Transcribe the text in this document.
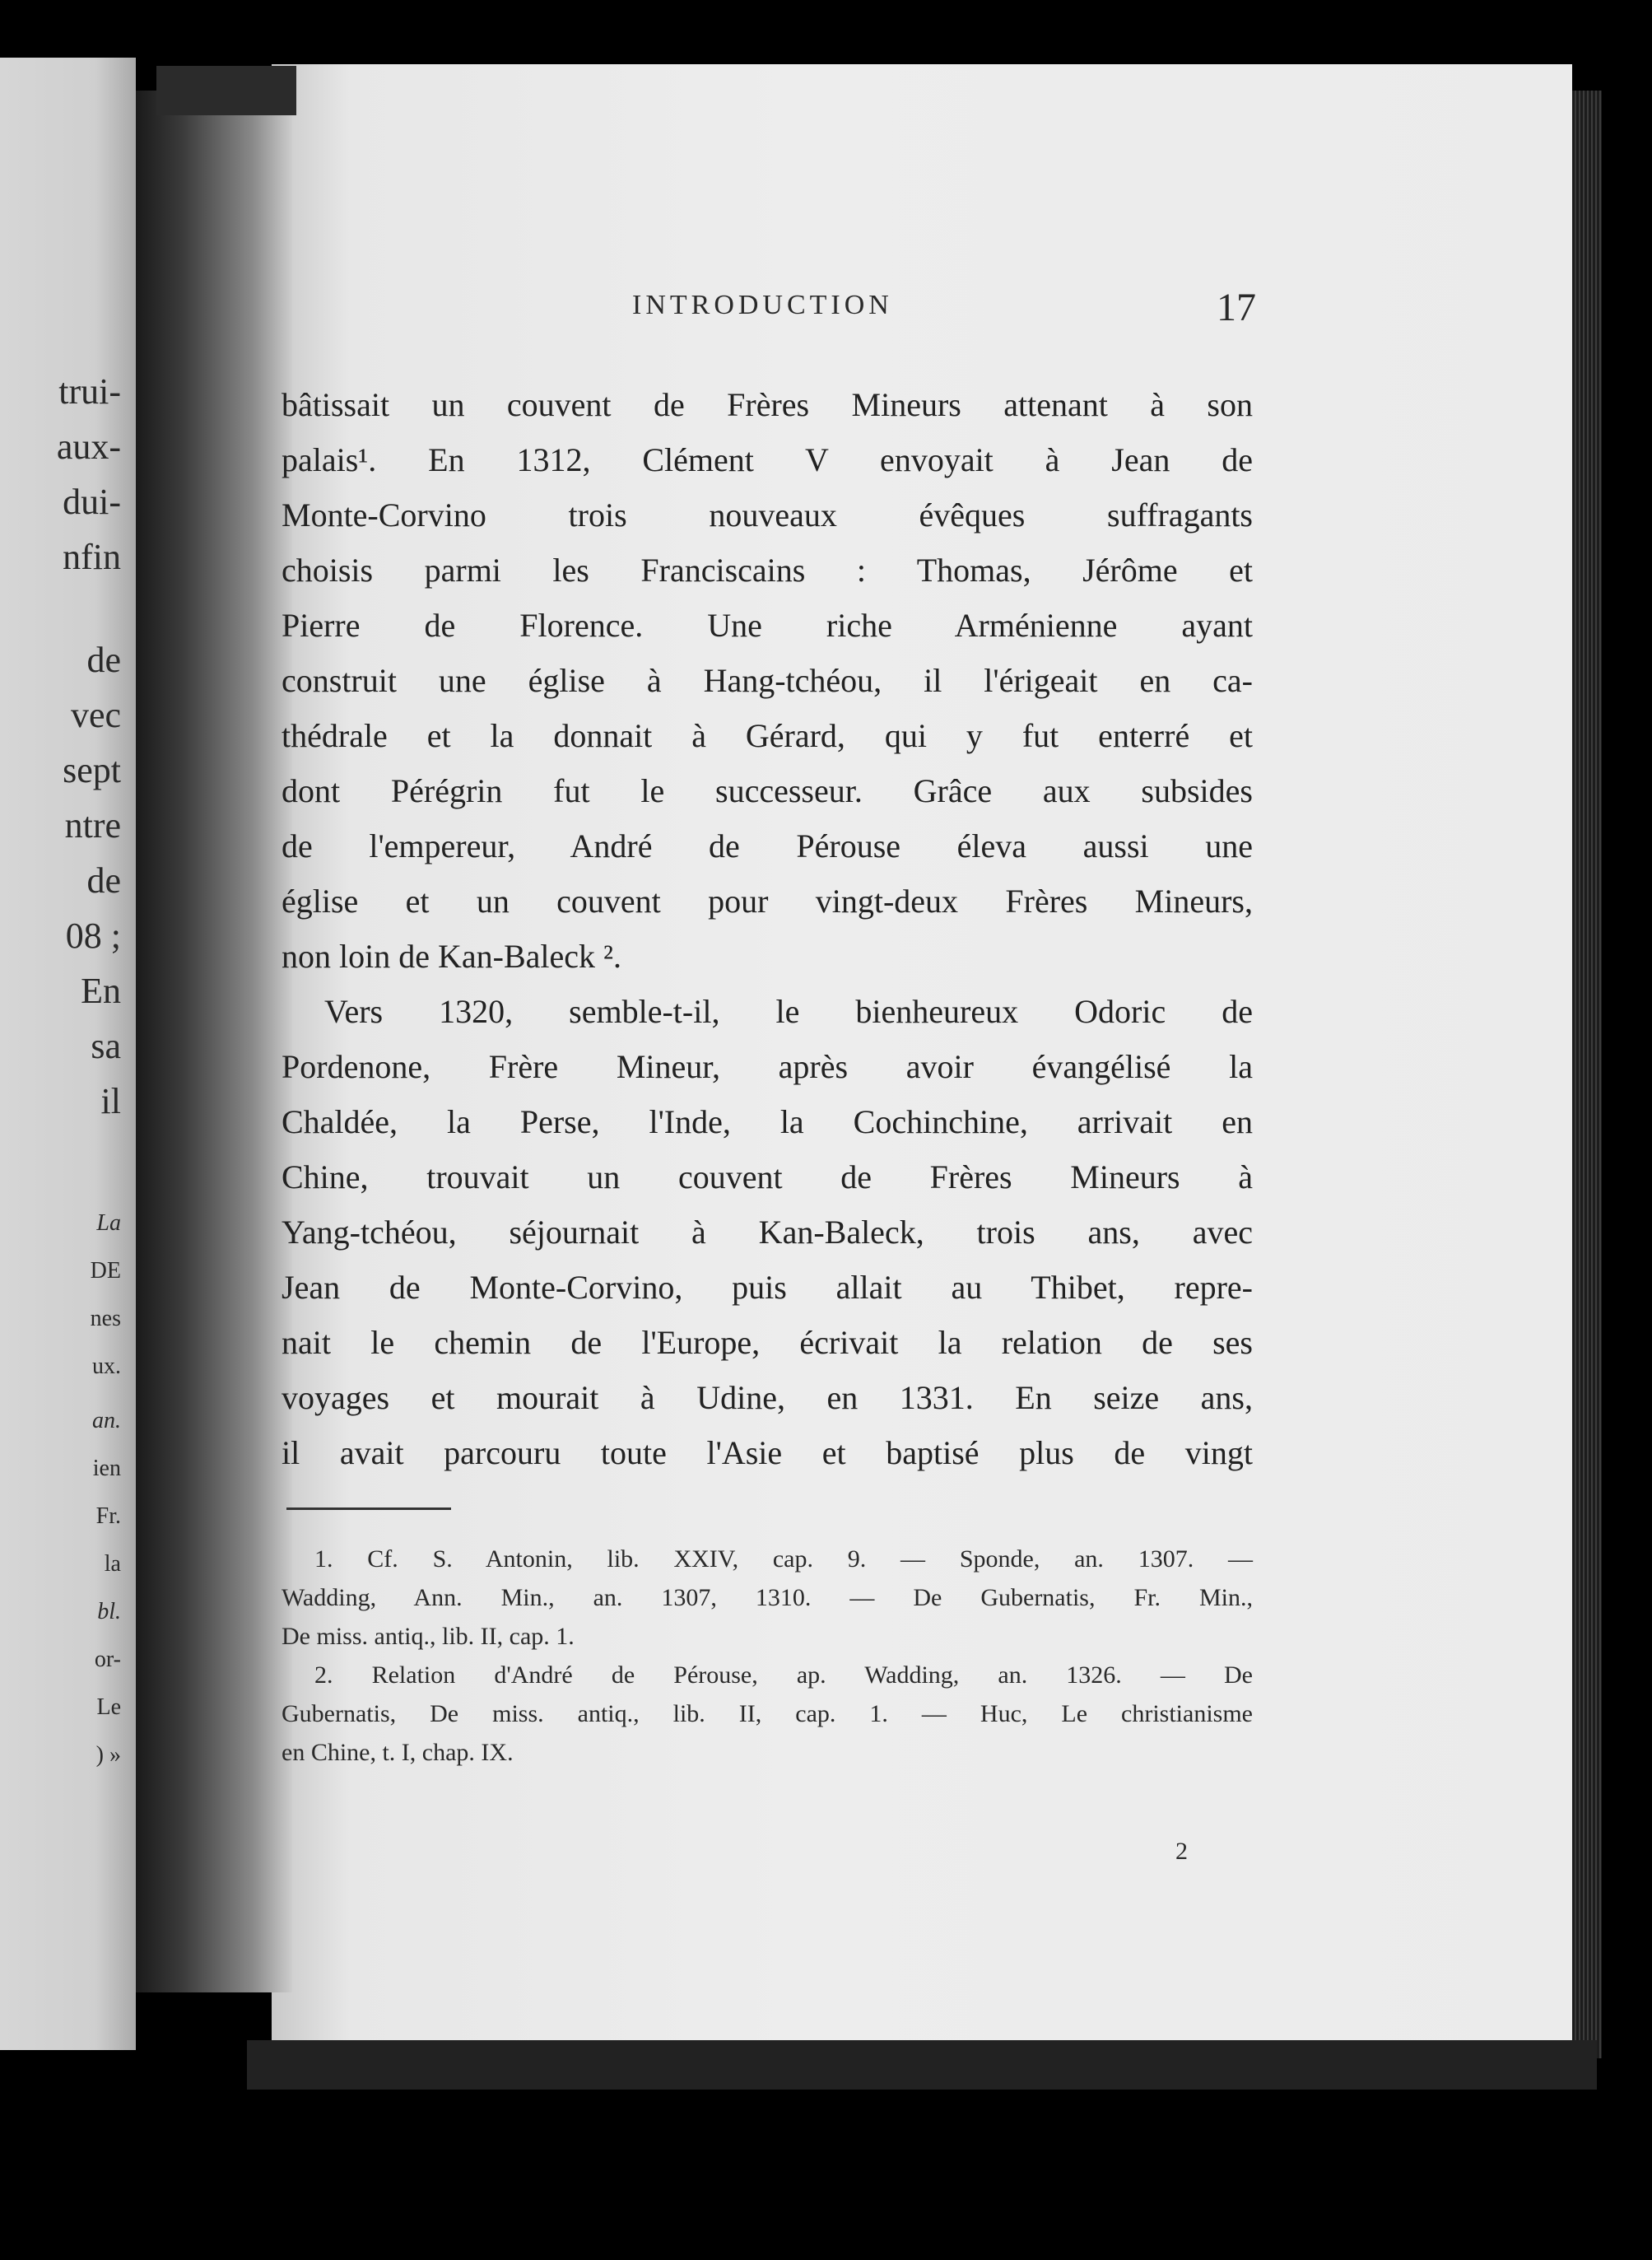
trui-
aux-
dui-
nfin
de
vec
sept
ntre
de
08 ;
En
sa
il
La
DE
nes
ux.
an.
ien
Fr.
la
bl.
or-
Le
) »
INTRODUCTION	17
bâtissait un couvent de Frères Mineurs attenant à son
palais¹. En 1312, Clément V envoyait à Jean de
Monte-Corvino trois nouveaux évêques suffragants
choisis parmi les Franciscains : Thomas, Jérôme et
Pierre de Florence. Une riche Arménienne ayant
construit une église à Hang-tchéou, il l'érigeait en ca-
thédrale et la donnait à Gérard, qui y fut enterré et
dont Pérégrin fut le successeur. Grâce aux subsides
de l'empereur, André de Pérouse éleva aussi une
église et un couvent pour vingt-deux Frères Mineurs,
non loin de Kan-Baleck ².
Vers 1320, semble-t-il, le bienheureux Odoric de
Pordenone, Frère Mineur, après avoir évangélisé la
Chaldée, la Perse, l'Inde, la Cochinchine, arrivait en
Chine, trouvait un couvent de Frères Mineurs à
Yang-tchéou, séjournait à Kan-Baleck, trois ans, avec
Jean de Monte-Corvino, puis allait au Thibet, repre-
nait le chemin de l'Europe, écrivait la relation de ses
voyages et mourait à Udine, en 1331. En seize ans,
il avait parcouru toute l'Asie et baptisé plus de vingt
1. Cf. S. Antonin, lib. XXIV, cap. 9. — Sponde, an. 1307. —
Wadding, Ann. Min., an. 1307, 1310. — De Gubernatis, Fr. Min.,
De miss. antiq., lib. II, cap. 1.
2. Relation d'André de Pérouse, ap. Wadding, an. 1326. — De
Gubernatis, De miss. antiq., lib. II, cap. 1. — Huc, Le christianisme
en Chine, t. I, chap. IX.
2
